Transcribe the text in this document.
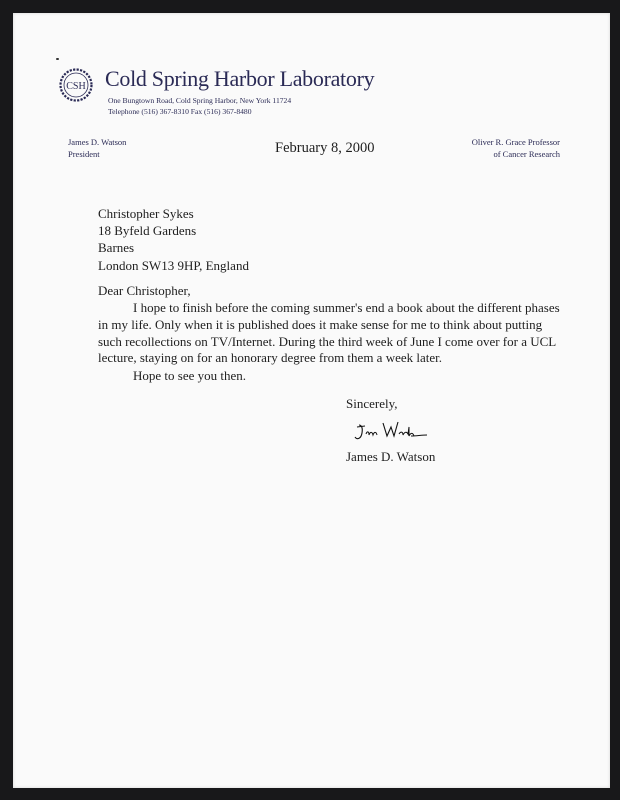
CSH Cold Spring Harbor Laboratory
One Bungtown Road, Cold Spring Harbor, New York 11724
Telephone (516) 367-8310 Fax (516) 367-8480
James D. Watson
President	February 8, 2000	Oliver R. Grace Professor
of Cancer Research
Christopher Sykes
18 Byfeld Gardens
Barnes
London SW13 9HP, England
Dear Christopher,
I hope to finish before the coming summer's end a book about the different phases
in my life. Only when it is published does it make sense for me to think about putting
such recollections on TV/Internet. During the third week of June I come over for a UCL
lecture, staying on for an honorary degree from them a week later.
Hope to see you then.
Sincerely,
James D. Watson
